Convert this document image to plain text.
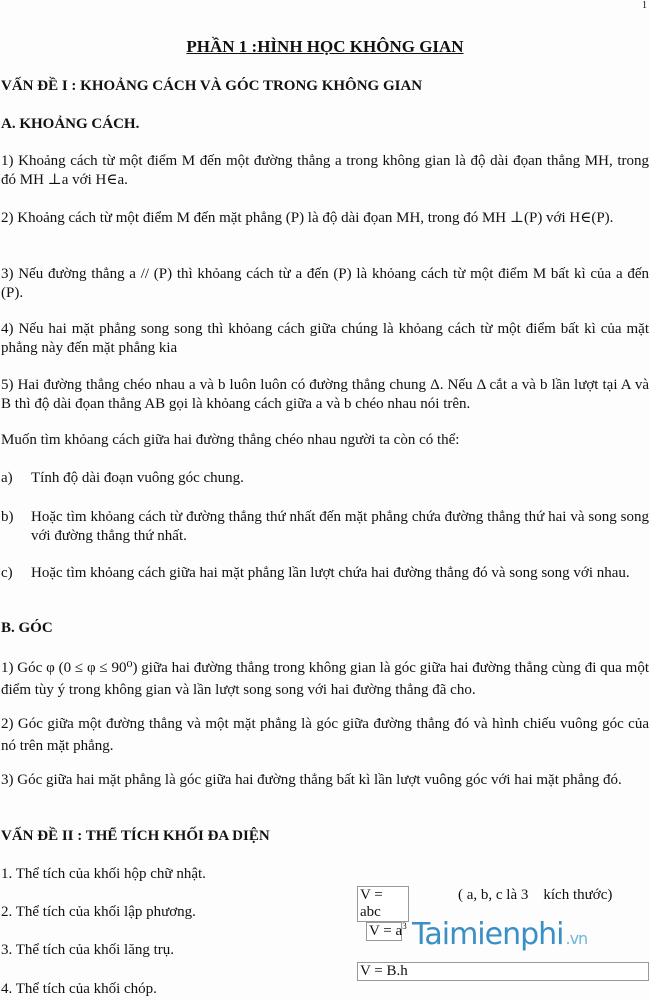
1
PHẦN 1 :HÌNH HỌC KHÔNG GIAN
VẤN ĐỀ I : KHOẢNG CÁCH VÀ GÓC TRONG KHÔNG GIAN
A. KHOẢNG CÁCH.
1) Khoảng cách từ một điểm M đến một đường thẳng a trong không gian là độ dài đọan thẳng MH, trong đó MH ⊥a với H∈a.
2) Khoảng cách từ một điểm M đến mặt phẳng (P) là độ dài đọan MH, trong đó MH ⊥(P) với H∈(P).
3) Nếu đường thẳng a // (P) thì khỏang cách từ a đến (P) là khỏang cách từ một điểm M bất kì của a đến (P).
4) Nếu hai mặt phẳng song song thì khỏang cách giữa chúng là khỏang cách từ một điểm bất kì của mặt phẳng này đến mặt phẳng kia
5) Hai đường thẳng chéo nhau a và b luôn luôn có đường thẳng chung Δ. Nếu Δ cắt a và b lần lượt tại A và B thì độ dài đọan thẳng AB gọi là khỏang cách giữa a và b chéo nhau nói trên.
Muốn tìm khỏang cách giữa hai đường thẳng chéo nhau người ta còn có thể:
a) Tính độ dài đoạn vuông góc chung.
b) Hoặc tìm khỏang cách từ đường thẳng thứ nhất đến mặt phẳng chứa đường thẳng thứ hai và song song với đường thẳng thứ nhất.
c) Hoặc tìm khỏang cách giữa hai mặt phẳng lần lượt chứa hai đường thẳng đó và song song với nhau.
B. GÓC
1) Góc φ (0 ≤ φ ≤ 90⁰) giữa hai đường thẳng trong không gian là góc giữa hai đường thẳng cùng đi qua một điểm tùy ý trong không gian và lần lượt song song với hai đường thẳng đã cho.
2) Góc giữa một đường thẳng và một mặt phẳng là góc giữa đường thẳng đó và hình chiếu vuông góc của nó trên mặt phẳng.
3) Góc giữa hai mặt phẳng là góc giữa hai đường thẳng bất kì lần lượt vuông góc với hai mặt phẳng đó.
VẤN ĐỀ II : THỂ TÍCH KHỐI ĐA DIỆN
1. Thể tích của khối hộp chữ nhật.
2. Thể tích của khối lập phương.
3. Thể tích của khối lăng trụ.
4. Thể tích của khối chóp.
Taimienphi .vn
V = abc
( a, b, c là 3    kích thước)
$V = a^3$
V = B.h
